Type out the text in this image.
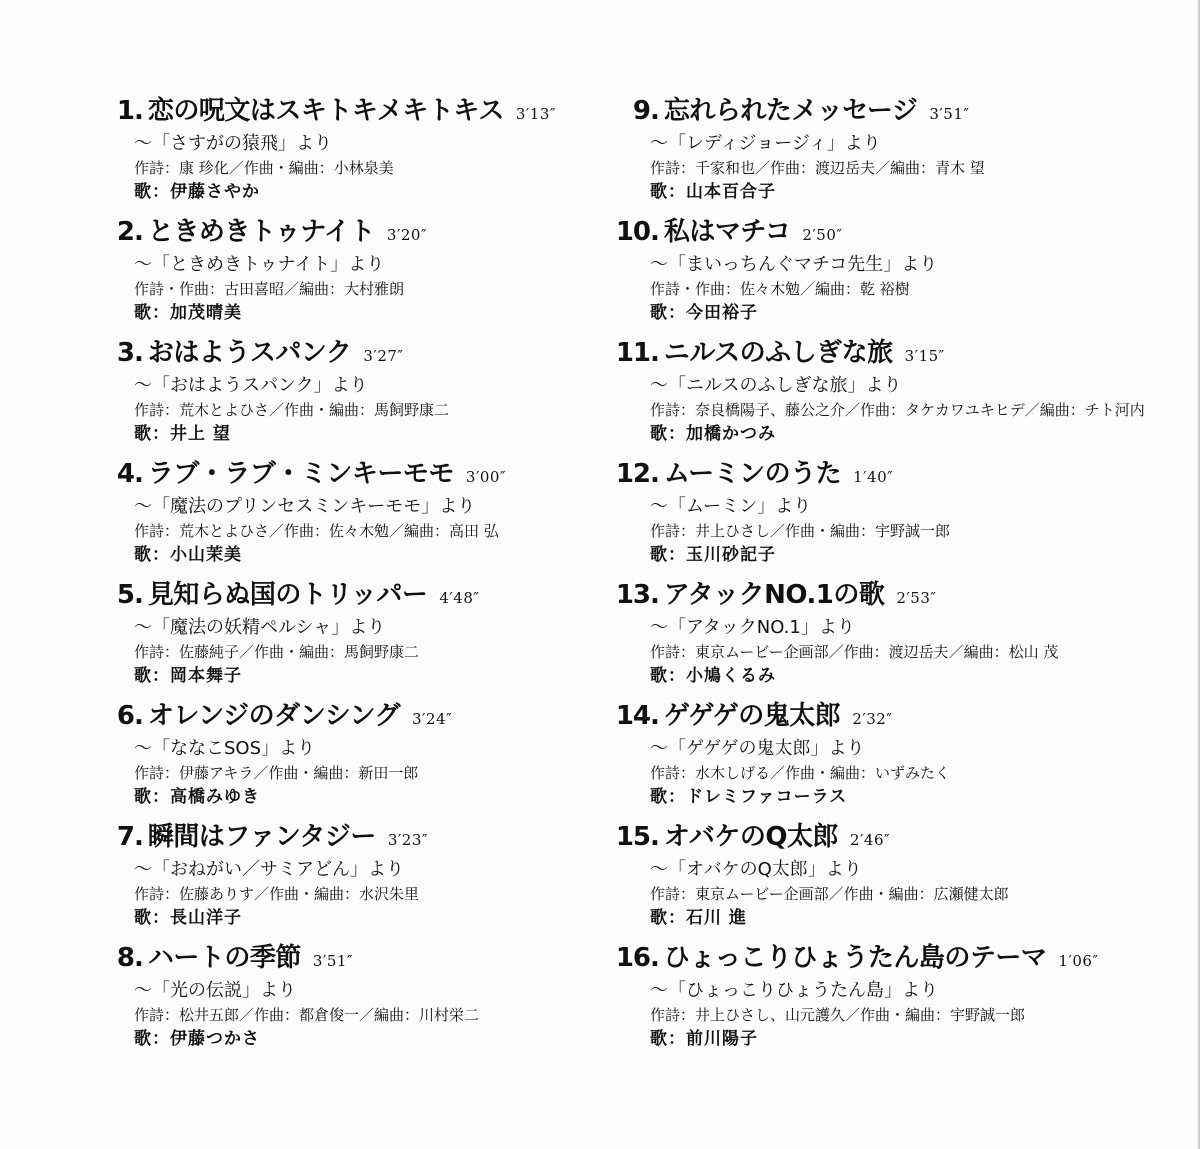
1 . 恋の呪文はスキトキメキトキス 3′13″
〜「さすがの猿飛」より
作詩：康 珍化／作曲・編曲：小林泉美
歌：伊藤さやか
2 . ときめきトゥナイト 3′20″
〜「ときめきトゥナイト」より
作詩・作曲：古田喜昭／編曲：大村雅朗
歌：加茂晴美
3 . おはようスパンク 3′27″
〜「おはようスパンク」より
作詩：荒木とよひさ／作曲・編曲：馬飼野康二
歌：井上 望
4 . ラブ・ラブ・ミンキーモモ 3′00″
〜「魔法のプリンセスミンキーモモ」より
作詩：荒木とよひさ／作曲：佐々木勉／編曲：高田 弘
歌：小山茉美
5 . 見知らぬ国のトリッパー 4′48″
〜「魔法の妖精ペルシャ」より
作詩：佐藤純子／作曲・編曲：馬飼野康二
歌：岡本舞子
6 . オレンジのダンシング 3′24″
〜「ななこSOS」より
作詩：伊藤アキラ／作曲・編曲：新田一郎
歌：高橋みゆき
7 . 瞬間はファンタジー 3′23″
〜「おねがい／サミアどん」より
作詩：佐藤ありす／作曲・編曲：水沢朱里
歌：長山洋子
8 . ハートの季節 3′51″
〜「光の伝説」より
作詩：松井五郎／作曲：都倉俊一／編曲：川村栄二
歌：伊藤つかさ
9 . 忘れられたメッセージ 3′51″
〜「レディジョージィ」より
作詩：千家和也／作曲：渡辺岳夫／編曲：青木 望
歌：山本百合子
10 . 私はマチコ 2′50″
〜「まいっちんぐマチコ先生」より
作詩・作曲：佐々木勉／編曲：乾 裕樹
歌：今田裕子
11 . ニルスのふしぎな旅 3′15″
〜「ニルスのふしぎな旅」より
作詩：奈良橋陽子、藤公之介／作曲：タケカワユキヒデ／編曲：チト河内
歌：加橋かつみ
12 . ムーミンのうた 1′40″
〜「ムーミン」より
作詩：井上ひさし／作曲・編曲：宇野誠一郎
歌：玉川砂記子
13 . アタックNO.1の歌 2′53″
〜「アタックNO.1」より
作詩：東京ムービー企画部／作曲：渡辺岳夫／編曲：松山 茂
歌：小鳩くるみ
14 . ゲゲゲの鬼太郎 2′32″
〜「ゲゲゲの鬼太郎」より
作詩：水木しげる／作曲・編曲：いずみたく
歌：ドレミファコーラス
15 . オバケのQ太郎 2′46″
〜「オバケのQ太郎」より
作詩：東京ムービー企画部／作曲・編曲：広瀬健太郎
歌：石川 進
16 . ひょっこりひょうたん島のテーマ 1′06″
〜「ひょっこりひょうたん島」より
作詩：井上ひさし、山元護久／作曲・編曲：宇野誠一郎
歌：前川陽子
